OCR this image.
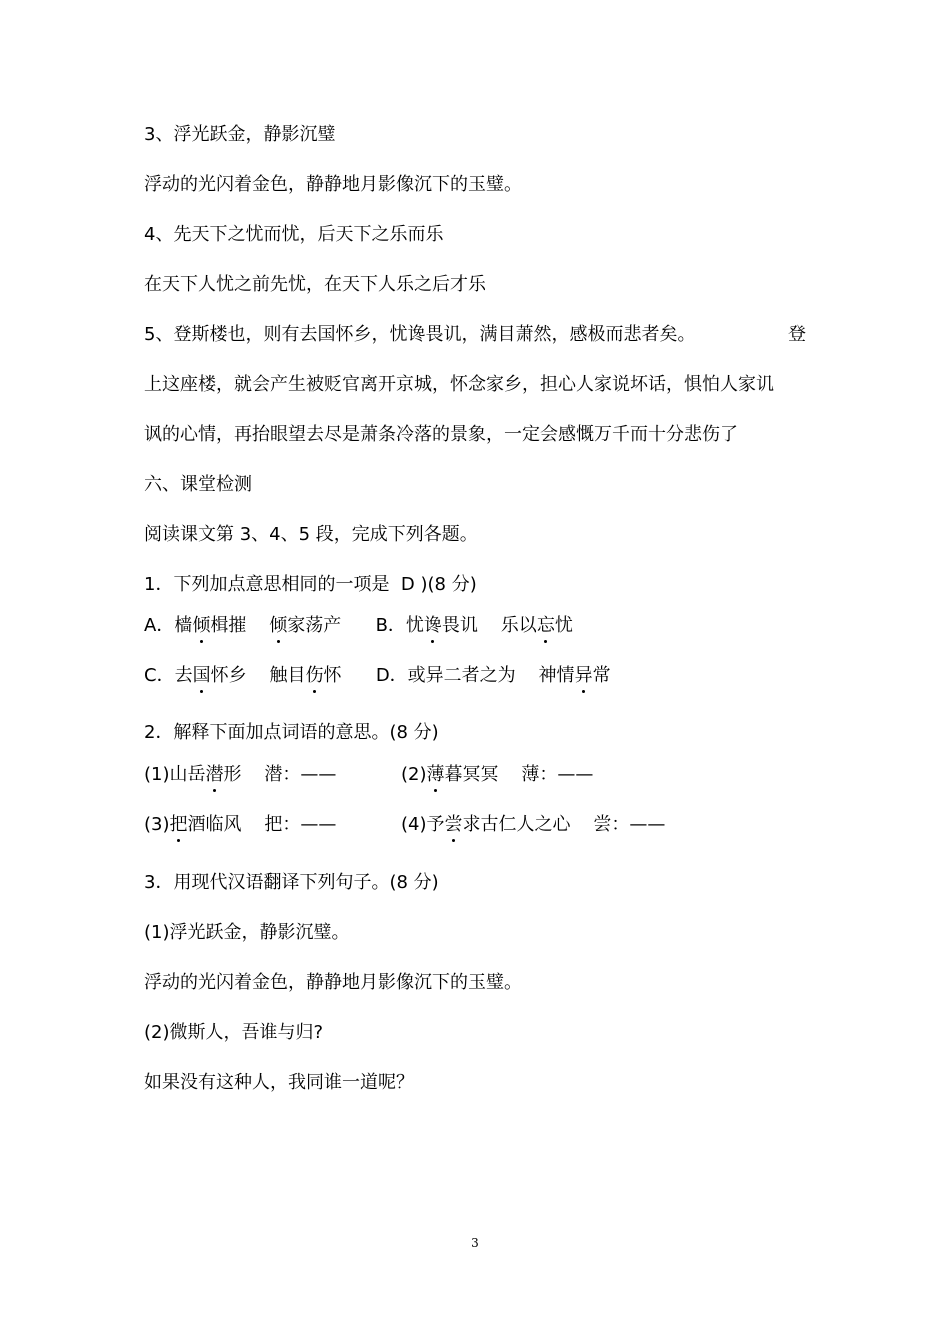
3、浮光跃金，静影沉璧
浮动的光闪着金色，静静地月影像沉下的玉璧。
4、先天下之忧而忧，后天下之乐而乐
在天下人忧之前先忧，在天下人乐之后才乐
5、登斯楼也，则有去国怀乡，忧谗畏讥，满目萧然，感极而悲者矣。	登
上这座楼，就会产生被贬官离开京城，怀念家乡，担心人家说坏话，惧怕人家讥
讽的心情，再抬眼望去尽是萧条冷落的景象，一定会感慨万千而十分悲伤了
六、课堂检测
阅读课文第 3、4、5 段，完成下列各题。
1．下列加点意思相同的一项是  D )(8 分)
A．樯 倾 楫摧 倾 家荡产 B．忧 谗 畏讥    乐以 忘 忧
C．去 国 怀乡    触目 伤 怀 D．或异二者之为    神情 异 常
2．解释下面加点词语的意思。(8 分)
(1)山岳 潜 形    潜：——	(2) 薄 暮冥冥    薄：——
(3) 把 酒临风    把：——	(4)予 尝 求古仁人之心    尝：——
3．用现代汉语翻译下列句子。(8 分)
(1)浮光跃金，静影沉璧。
浮动的光闪着金色，静静地月影像沉下的玉璧。
(2)微斯人，吾谁与归?
如果没有这种人，我同谁一道呢？
3
